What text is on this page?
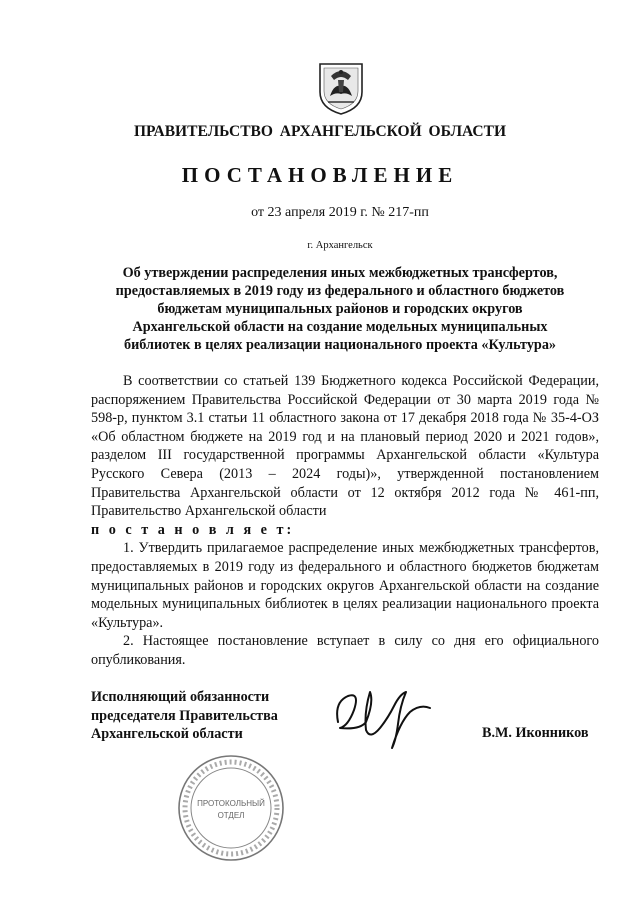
ПРАВИТЕЛЬСТВО АРХАНГЕЛЬСКОЙ ОБЛАСТИ
ПОСТАНОВЛЕНИЕ
от 23 апреля 2019 г. № 217-пп
г. Архангельск
Об утверждении распределения иных межбюджетных трансфертов,
предоставляемых в 2019 году из федерального и областного бюджетов
бюджетам муниципальных районов и городских округов
Архангельской области на создание модельных муниципальных
библиотек в целях реализации национального проекта «Культура»

В соответствии со статьей 139 Бюджетного кодекса Российской Федерации, распоряжением Правительства Российской Федерации от 30 марта 2019 года № 598-р, пунктом 3.1 статьи 11 областного закона от 17 декабря 2018 года № 35-4-ОЗ «Об областном бюджете на 2019 год и на плановый период 2020 и 2021 годов», разделом III государственной программы Архангельской области «Культура Русского Севера (2013 – 2024 годы)», утвержденной постановлением Правительства Архангельской области от 12 октября 2012 года № 461-пп, Правительство Архангельской области

п о с т а н о в л я е т:

1. Утвердить прилагаемое распределение иных межбюджетных трансфертов, предоставляемых в 2019 году из федерального и областного бюджетов бюджетам муниципальных районов и городских округов Архангельской области на создание модельных муниципальных библиотек в целях реализации национального проекта «Культура».

2. Настоящее постановление вступает в силу со дня его официального опубликования.

Исполняющий обязанности
председателя Правительства
Архангельской области	В.М. Иконников
ПРОТОКОЛЬНЫЙ
ОТДЕЛ
